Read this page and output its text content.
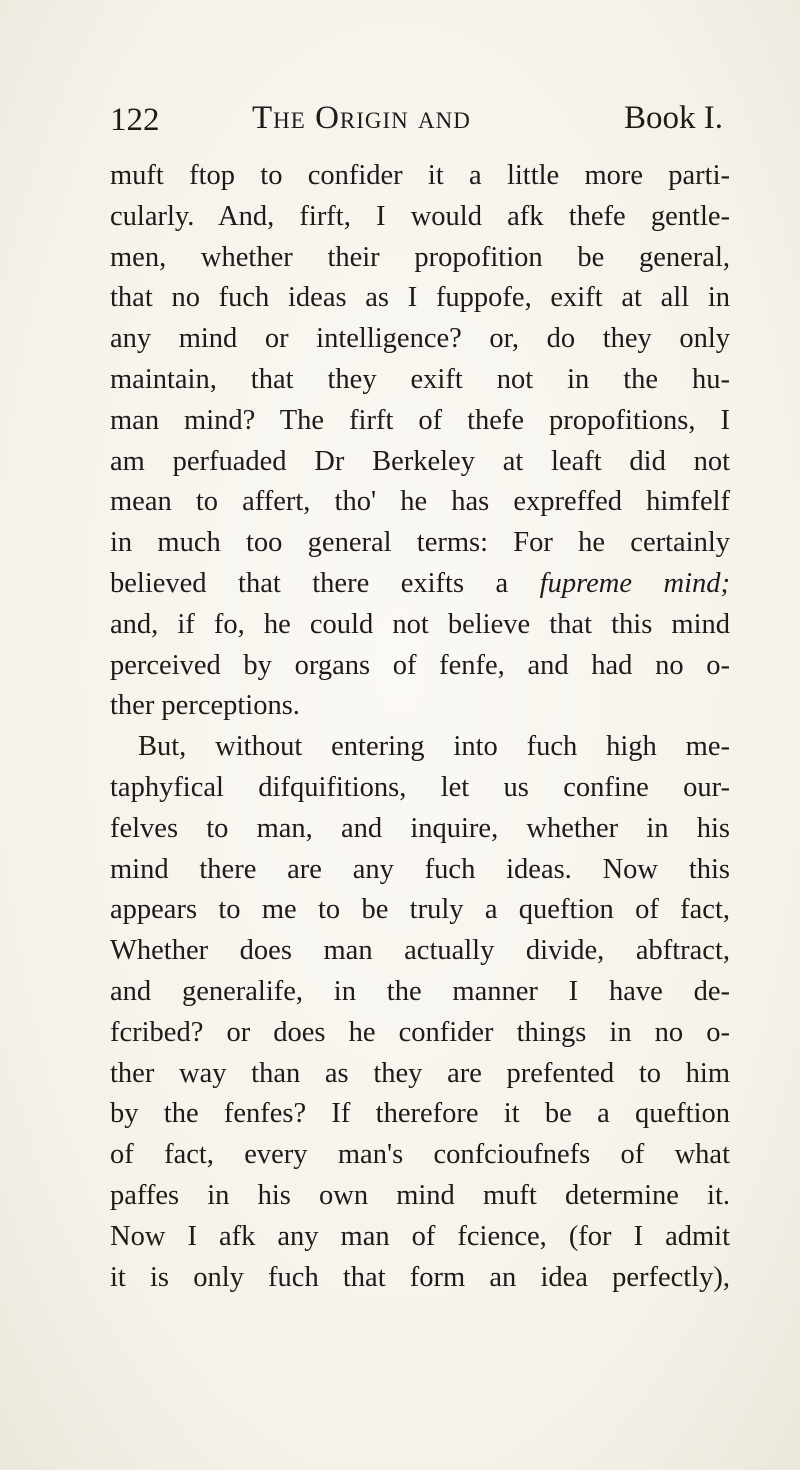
122	The Origin and	Book I.
muft ftop to confider it a little more parti-
cularly. And, firft, I would afk thefe gentle-
men, whether their propofition be general,
that no fuch ideas as I fuppofe, exift at all in
any mind or intelligence? or, do they only
maintain, that they exift not in the hu-
man mind? The firft of thefe propofitions, I
am perfuaded Dr Berkeley at leaft did not
mean to affert, tho' he has expreffed himfelf
in much too general terms: For he certainly
believed that there exifts a fupreme mind;
and, if fo, he could not believe that this mind
perceived by organs of fenfe, and had no o-
ther perceptions.
But, without entering into fuch high me-
taphyfical difquifitions, let us confine our-
felves to man, and inquire, whether in his
mind there are any fuch ideas. Now this
appears to me to be truly a queftion of fact,
Whether does man actually divide, abftract,
and generalife, in the manner I have de-
fcribed? or does he confider things in no o-
ther way than as they are prefented to him
by the fenfes? If therefore it be a queftion
of fact, every man's confcioufnefs of what
paffes in his own mind muft determine it.
Now I afk any man of fcience, (for I admit
it is only fuch that form an idea perfectly),
